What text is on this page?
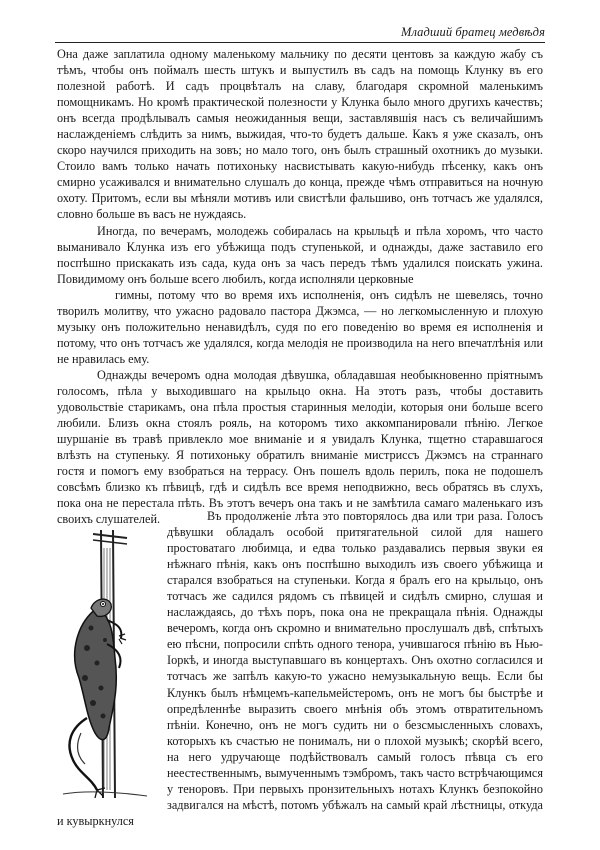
Младший братец медвѣдя

Она даже заплатила одному маленькому мальчику по десяти центовъ за каждую жабу съ тѣмъ, чтобы онъ поймалъ шесть штукъ и выпустилъ въ садъ на помощь Клунку въ его полезной работѣ. И садъ процвѣталъ на славу, благодаря скромной маленькимъ помощникамъ. Но кромѣ практической полезности у Клунка было много другихъ качествъ; онъ всегда продѣлывалъ самыя неожиданныя вещи, заставлявшія насъ съ величайшимъ наслажденіемъ слѣдить за нимъ, выжидая, что-то будетъ дальше. Какъ я уже сказалъ, онъ скоро научился приходить на зовъ; но мало того, онъ былъ страшный охотникъ до музыки. Стоило вамъ только начать потихоньку насвистывать какую-нибудь пѣсенку, какъ онъ смирно усаживался и внимательно слушалъ до конца, прежде чѣмъ отправиться на ночную охоту. Притомъ, если вы мѣняли мотивъ или свистѣли фальшиво, онъ тотчасъ же удалялся, словно больше въ васъ не нуждаясь.

Иногда, по вечерамъ, молодежь собиралась на крыльцѣ и пѣла хоромъ, что часто выманивало Клунка изъ его убѣжища подъ ступенькой, и однажды, даже заставило его поспѣшно приcкакать изъ сада, куда онъ за часъ передъ тѣмъ удалился поискать ужина. Повидимому онъ больше всего любилъ, когда исполняли церковные

гимны, потому что во время ихъ исполненія, онъ сидѣлъ не шевелясь, точно творилъ молитву, что ужасно радовало пастора Джэмса, — но легкомысленную и плохую музыку онъ положительно ненавидѣлъ, судя по его поведенію во время ея исполненія и потому, что онъ тотчасъ же удалялся, когда мелодія не производила на него впечатлѣнія или не нравилась ему.

Однажды вечеромъ одна молодая дѣвушка, обладавшая необыкновенно пріятнымъ голосомъ, пѣла у выходившаго на крыльцо окна. На этотъ разъ, чтобы доставить удовольствіе старикамъ, она пѣла простыя старинныя мелодіи, которыя они больше всего любили. Близъ окна стоялъ рояль, на которомъ тихо аккомпанировали пѣнію. Легкое шуршаніе въ травѣ привлекло мое вниманіе и я увидалъ Клунка, тщетно старавшагося влѣзть на ступеньку. Я потихоньку обратилъ вниманіе мистриссъ Джэмсъ на страннаго гостя и помогъ ему взобраться на террасу. Онъ пошелъ вдоль перилъ, пока не подошелъ совсѣмъ близко къ пѣвицѣ, гдѣ и сидѣлъ все время неподвижно, весь обратясь въ слухъ, пока она не перестала пѣть. Въ этотъ вечеръ она такъ и не замѣтила самаго маленькаго изъ своихъ слушателей.	Въ продолженіе лѣта это повторялось два или три раза. Голосъ дѣвушки обладалъ особой притягательной силой для нашего простоватаго любимца, и едва только раздавались первыя звуки ея нѣжнаго пѣнія, какъ онъ поспѣшно выходилъ изъ своего убѣжища и старался взобраться на ступеньки. Когда я бралъ его на крыльцо, онъ тотчасъ же садился рядомъ съ пѣвицей и сидѣлъ смирно, слушая и наслаждаясь, до тѣхъ поръ, пока она не прекращала пѣнія. Однажды вечеромъ, когда онъ скромно и внимательно прослушалъ двѣ, спѣтыхъ ею пѣсни, попросили спѣть одного тенора, учившагося пѣнію въ Нью-Іоркѣ, и иногда выступавшаго въ концертахъ. Онъ охотно согласился и тотчасъ же запѣлъ какую-то ужасно немузыкальную вещь. Если бы Клункъ былъ нѣмцемъ-капельмейстеромъ, онъ не могъ бы быстрѣе и опредѣленнѣе выразить своего мнѣнія объ этомъ отвратительномъ пѣніи. Конечно, онъ не могъ судить ни о безсмысленныхъ словахъ, которыхъ къ счастью не понималъ, ни о плохой музыкѣ; скорѣй всего, на него удручающе подѣйствовалъ самый голосъ пѣвца съ его неестественнымъ, вымученнымъ тэмбромъ, такъ часто встрѣчающимся у теноровъ. При первыхъ пронзительныхъ нотахъ Клункъ безпокойно задвигался на мѣстѣ, потомъ убѣжалъ на самый край лѣстницы, откуда и кувыркнулся
